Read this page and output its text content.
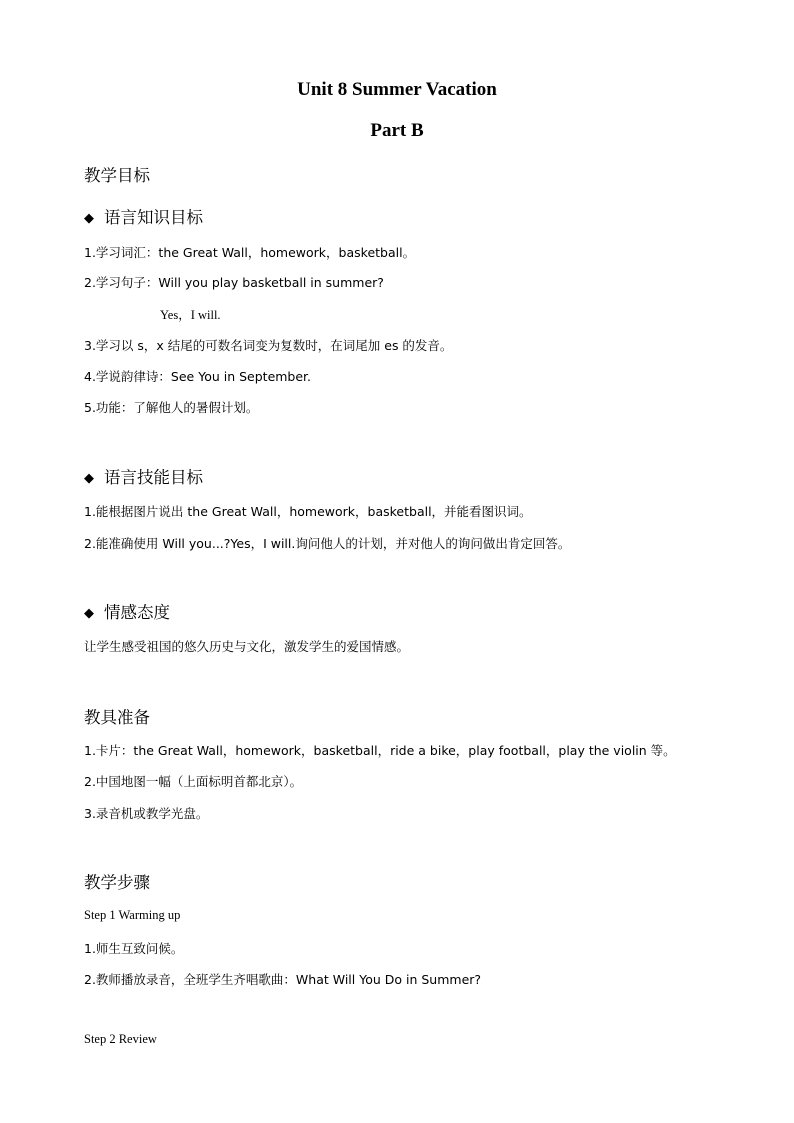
Unit 8 Summer Vacation
Part B
教学目标
◆ 语言知识目标
1.学习词汇：the Great Wall，homework，basketball。
2.学习句子：Will you play basketball in summer?
Yes，I will.
3.学习以 s，x 结尾的可数名词变为复数时，在词尾加 es 的发音。
4.学说韵律诗：See You in September.
5.功能：了解他人的暑假计划。
◆ 语言技能目标
1.能根据图片说出 the Great Wall，homework，basketball，并能看图识词。
2.能准确使用 Will you...?Yes，I will.询问他人的计划，并对他人的询问做出肯定回答。
◆ 情感态度
让学生感受祖国的悠久历史与文化，激发学生的爱国情感。
教具准备
1.卡片：the Great Wall，homework，basketball，ride a bike，play football，play the violin 等。
2.中国地图一幅（上面标明首都北京）。
3.录音机或教学光盘。
教学步骤
Step 1 Warming up
1.师生互致问候。
2.教师播放录音，全班学生齐唱歌曲：What Will You Do in Summer?
Step 2 Review
